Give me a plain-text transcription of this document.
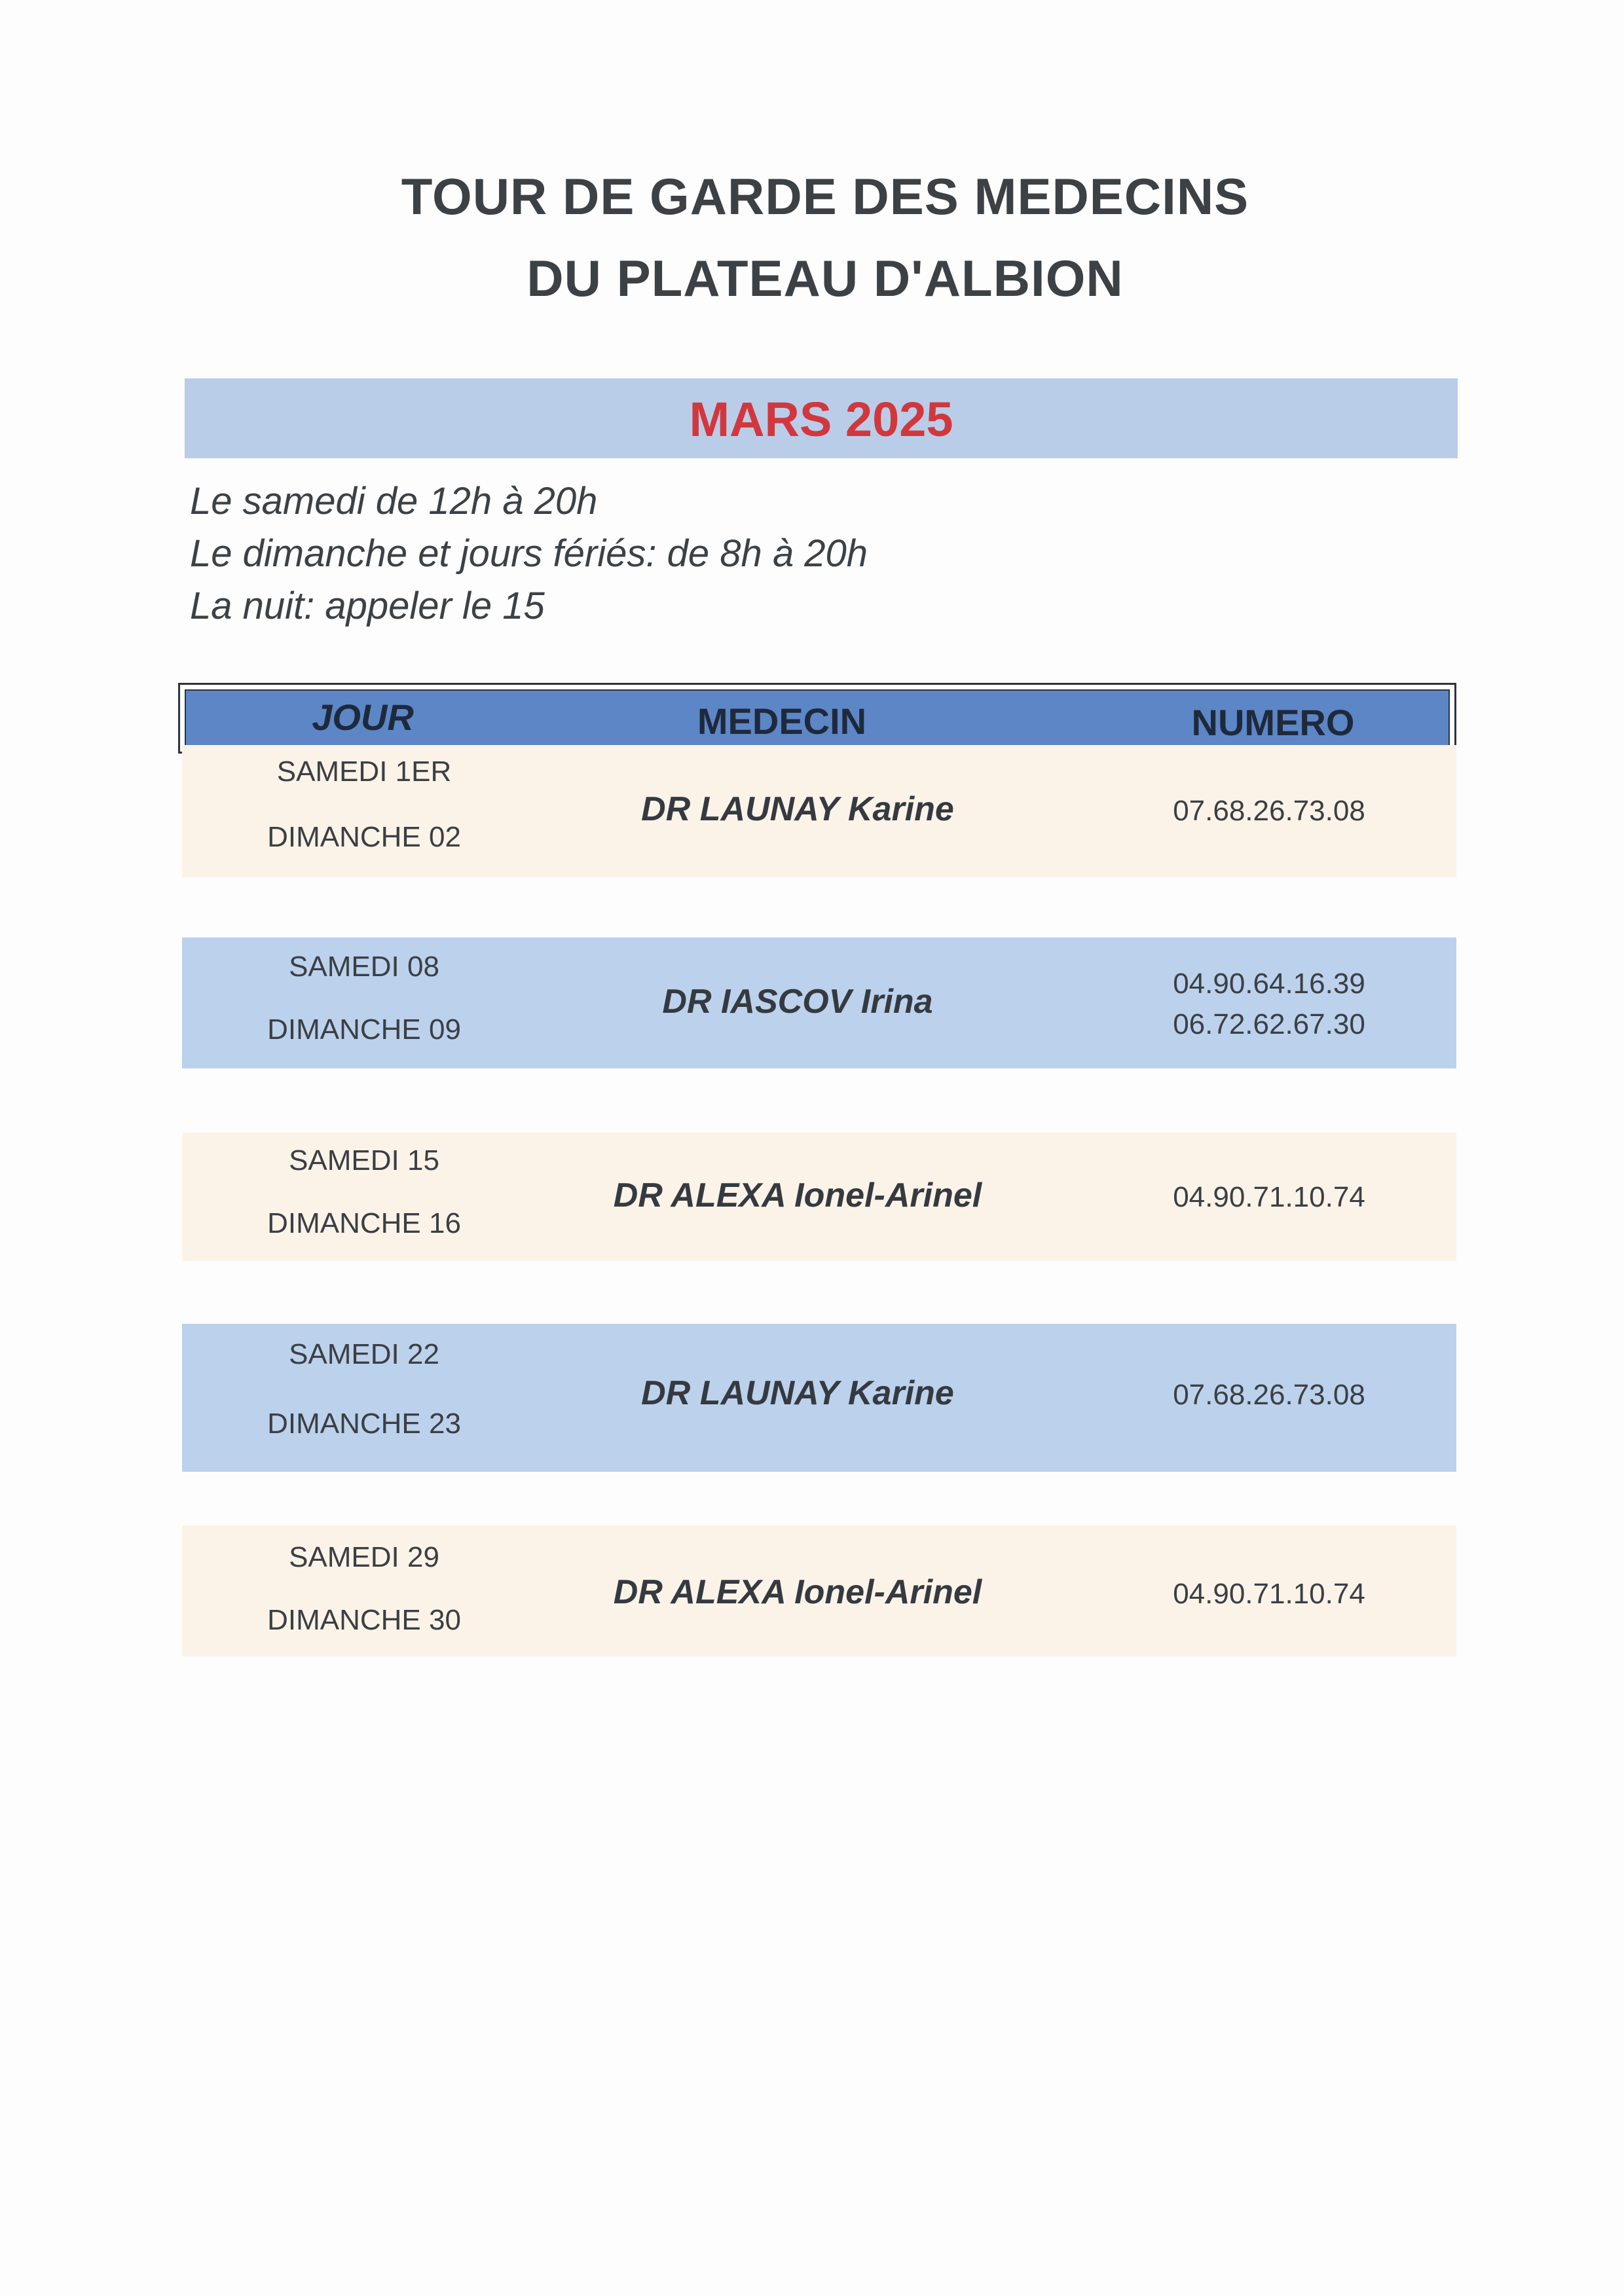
TOUR DE GARDE DES MEDECINS
DU PLATEAU D'ALBION
MARS 2025
Le samedi de 12h à 20h
Le dimanche et jours fériés: de 8h à 20h
La nuit: appeler le 15
JOUR	MEDECIN	NUMERO
SAMEDI 1ER
DIMANCHE 02
DR LAUNAY Karine	07.68.26.73.08
SAMEDI 08
DIMANCHE 09
DR IASCOV Irina	04.90.64.16.39
06.72.62.67.30
SAMEDI 15
DIMANCHE 16
DR ALEXA Ionel-Arinel	04.90.71.10.74
SAMEDI 22
DIMANCHE 23
DR LAUNAY Karine	07.68.26.73.08
SAMEDI 29
DIMANCHE 30
DR ALEXA Ionel-Arinel	04.90.71.10.74
